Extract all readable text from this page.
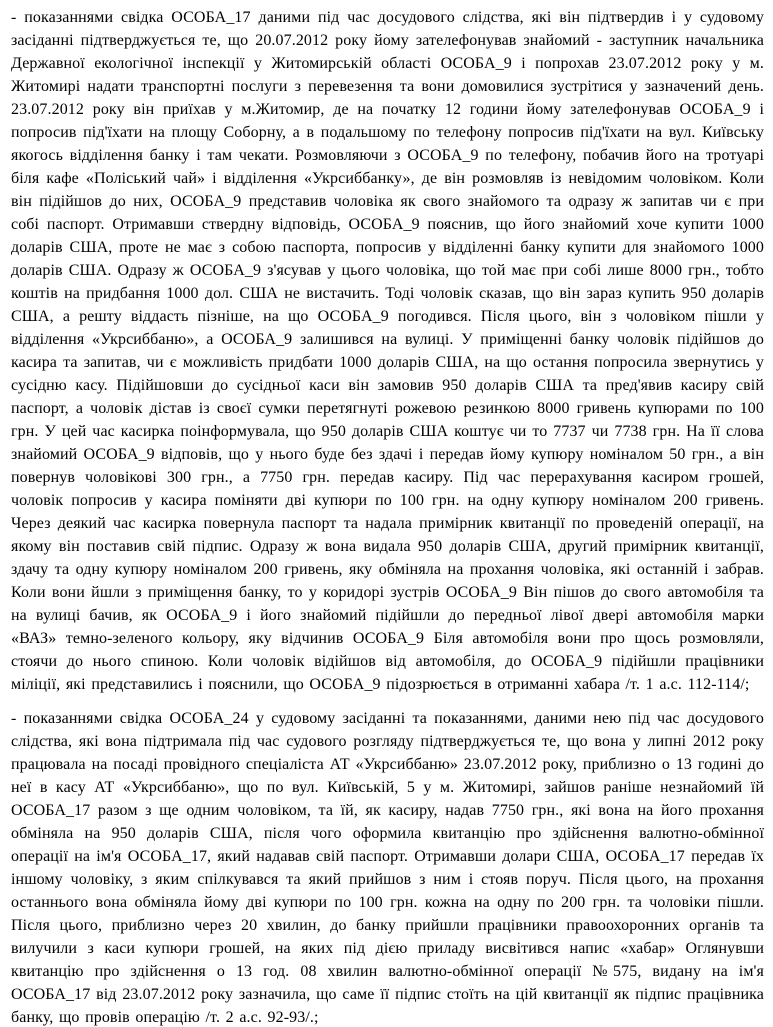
- показаннями свідка ОСОБА_17 даними під час досудового слідства, які він підтвердив і у судовому засіданні підтверджується те, що 20.07.2012 року йому зателефонував знайомий - заступник начальника Державної екологічної інспекції у Житомирській області ОСОБА_9 і попрохав 23.07.2012 року у м. Житомирі надати транспортні послуги з перевезення та вони домовилися зустрітися у зазначений день. 23.07.2012 року він приїхав у м.Житомир, де на початку 12 години йому зателефонував ОСОБА_9 і попросив під'їхати на площу Соборну, а в подальшому по телефону попросив під'їхати на вул. Київську якогось відділення банку і там чекати. Розмовляючи з ОСОБА_9 по телефону, побачив його на тротуарі біля кафе «Поліський чай» і відділення «Укрсиббанку», де він розмовляв із невідомим чоловіком. Коли він підійшов до них, ОСОБА_9 представив чоловіка як свого знайомого та одразу ж запитав чи є при собі паспорт. Отримавши ствердну відповідь, ОСОБА_9 пояснив, що його знайомий хоче купити 1000 доларів США, проте не має з собою паспорта, попросив у відділенні банку купити для знайомого 1000 доларів США. Одразу ж ОСОБА_9 з'ясував у цього чоловіка, що той має при собі лише 8000 грн., тобто коштів на придбання 1000 дол. США не вистачить. Тоді чоловік сказав, що він зараз купить 950 доларів США, а решту віддасть пізніше, на що ОСОБА_9 погодився. Після цього, він з чоловіком пішли у відділення «Укрсиббаню», а ОСОБА_9 залишився на вулиці. У приміщенні банку чоловік підійшов до касира та запитав, чи є можливість придбати 1000 доларів США, на що остання попросила звернутись у сусідню касу. Підійшовши до сусідньої каси він замовив 950 доларів США та пред'явив касиру свій паспорт, а чоловік дістав із своєї сумки перетягнуті рожевою резинкою 8000 гривень купюрами по 100 грн. У цей час касирка поінформувала, що 950 доларів США коштує чи то 7737 чи 7738 грн. На її слова знайомий ОСОБА_9 відповів, що у нього буде без здачі і передав йому купюру номіналом 50 грн., а він повернув чоловікові 300 грн., а 7750 грн. передав касиру. Під час перерахування касиром грошей, чоловік попросив у касира поміняти дві купюри по 100 грн. на одну купюру номіналом 200 гривень. Через деякий час касирка повернула паспорт та надала примірник квитанції по проведеній операції, на якому він поставив свій підпис. Одразу ж вона видала 950 доларів США, другий примірник квитанції, здачу та одну купюру номіналом 200 гривень, яку обміняла на прохання чоловіка, які останній і забрав. Коли вони йшли з приміщення банку, то у коридорі зустрів ОСОБА_9 Він пішов до свого автомобіля та на вулиці бачив, як ОСОБА_9 і його знайомий підійшли до передньої лівої двері автомобіля марки «ВАЗ» темно-зеленого кольору, яку відчинив ОСОБА_9 Біля автомобіля вони про щось розмовляли, стоячи до нього спиною. Коли чоловік відійшов від автомобіля, до ОСОБА_9 підійшли працівники міліції, які представились і пояснили, що ОСОБА_9 підозрюється в отриманні хабара /т. 1 а.с. 112-114/;

- показаннями свідка ОСОБА_24 у судовому засіданні та показаннями, даними нею під час досудового слідства, які вона підтримала під час судового розгляду підтверджується те, що вона у липні 2012 року працювала на посаді провідного спеціаліста АТ «Укрсиббаню» 23.07.2012 року, приблизно о 13 годині до неї в касу АТ «Укрсиббаню», що по вул. Київській, 5 у м. Житомирі, зайшов раніше незнайомий їй ОСОБА_17 разом з ще одним чоловіком, та їй, як касиру, надав 7750 грн., які вона на його прохання обміняла на 950 доларів США, після чого оформила квитанцію про здійснення валютно-обмінної операції на ім'я ОСОБА_17, який надавав свій паспорт. Отримавши долари США, ОСОБА_17 передав їх іншому чоловіку, з яким спілкувався та який прийшов з ним і стояв поруч. Після цього, на прохання останнього вона обміняла йому дві купюри по 100 грн. кожна на одну по 200 грн. та чоловіки пішли. Після цього, приблизно через 20 хвилин, до банку прийшли працівники правоохоронних органів та вилучили з каси купюри грошей, на яких під дією приладу висвітився напис «хабар» Оглянувши квитанцію про здійснення о 13 год. 08 хвилин валютно-обмінної операції №575, видану на ім'я ОСОБА_17 від 23.07.2012 року зазначила, що саме її підпис стоїть на цій квитанції як підпис працівника банку, що провів операцію /т. 2 а.с. 92-93/.;
